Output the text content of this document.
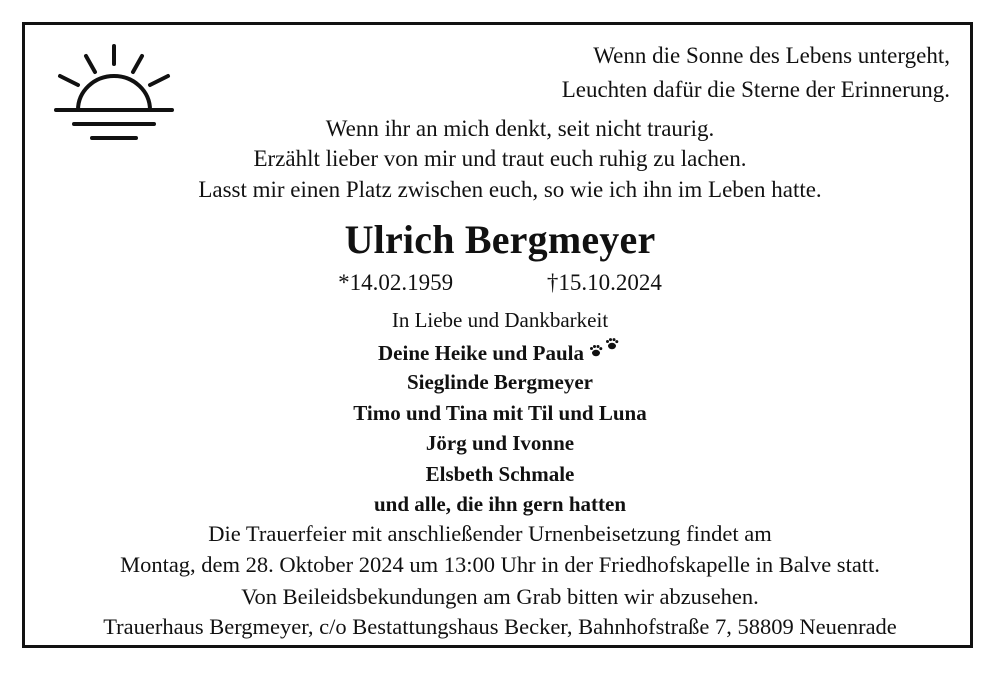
Wenn die Sonne des Lebens untergeht,
Leuchten dafür die Sterne der Erinnerung.
Wenn ihr an mich denkt, seit nicht traurig.
Erzählt lieber von mir und traut euch ruhig zu lachen.
Lasst mir einen Platz zwischen euch, so wie ich ihn im Leben hatte.
Ulrich Bergmeyer
*14.02.1959	†15.10.2024
In Liebe und Dankbarkeit
Deine Heike und Paula
Sieglinde Bergmeyer
Timo und Tina mit Til und Luna
Jörg und Ivonne
Elsbeth Schmale
und alle, die ihn gern hatten
Die Trauerfeier mit anschließender Urnenbeisetzung findet am
Montag, dem 28. Oktober 2024 um 13:00 Uhr in der Friedhofskapelle in Balve statt.
Von Beileidsbekundungen am Grab bitten wir abzusehen.
Trauerhaus Bergmeyer, c/o Bestattungshaus Becker, Bahnhofstraße 7, 58809 Neuenrade
